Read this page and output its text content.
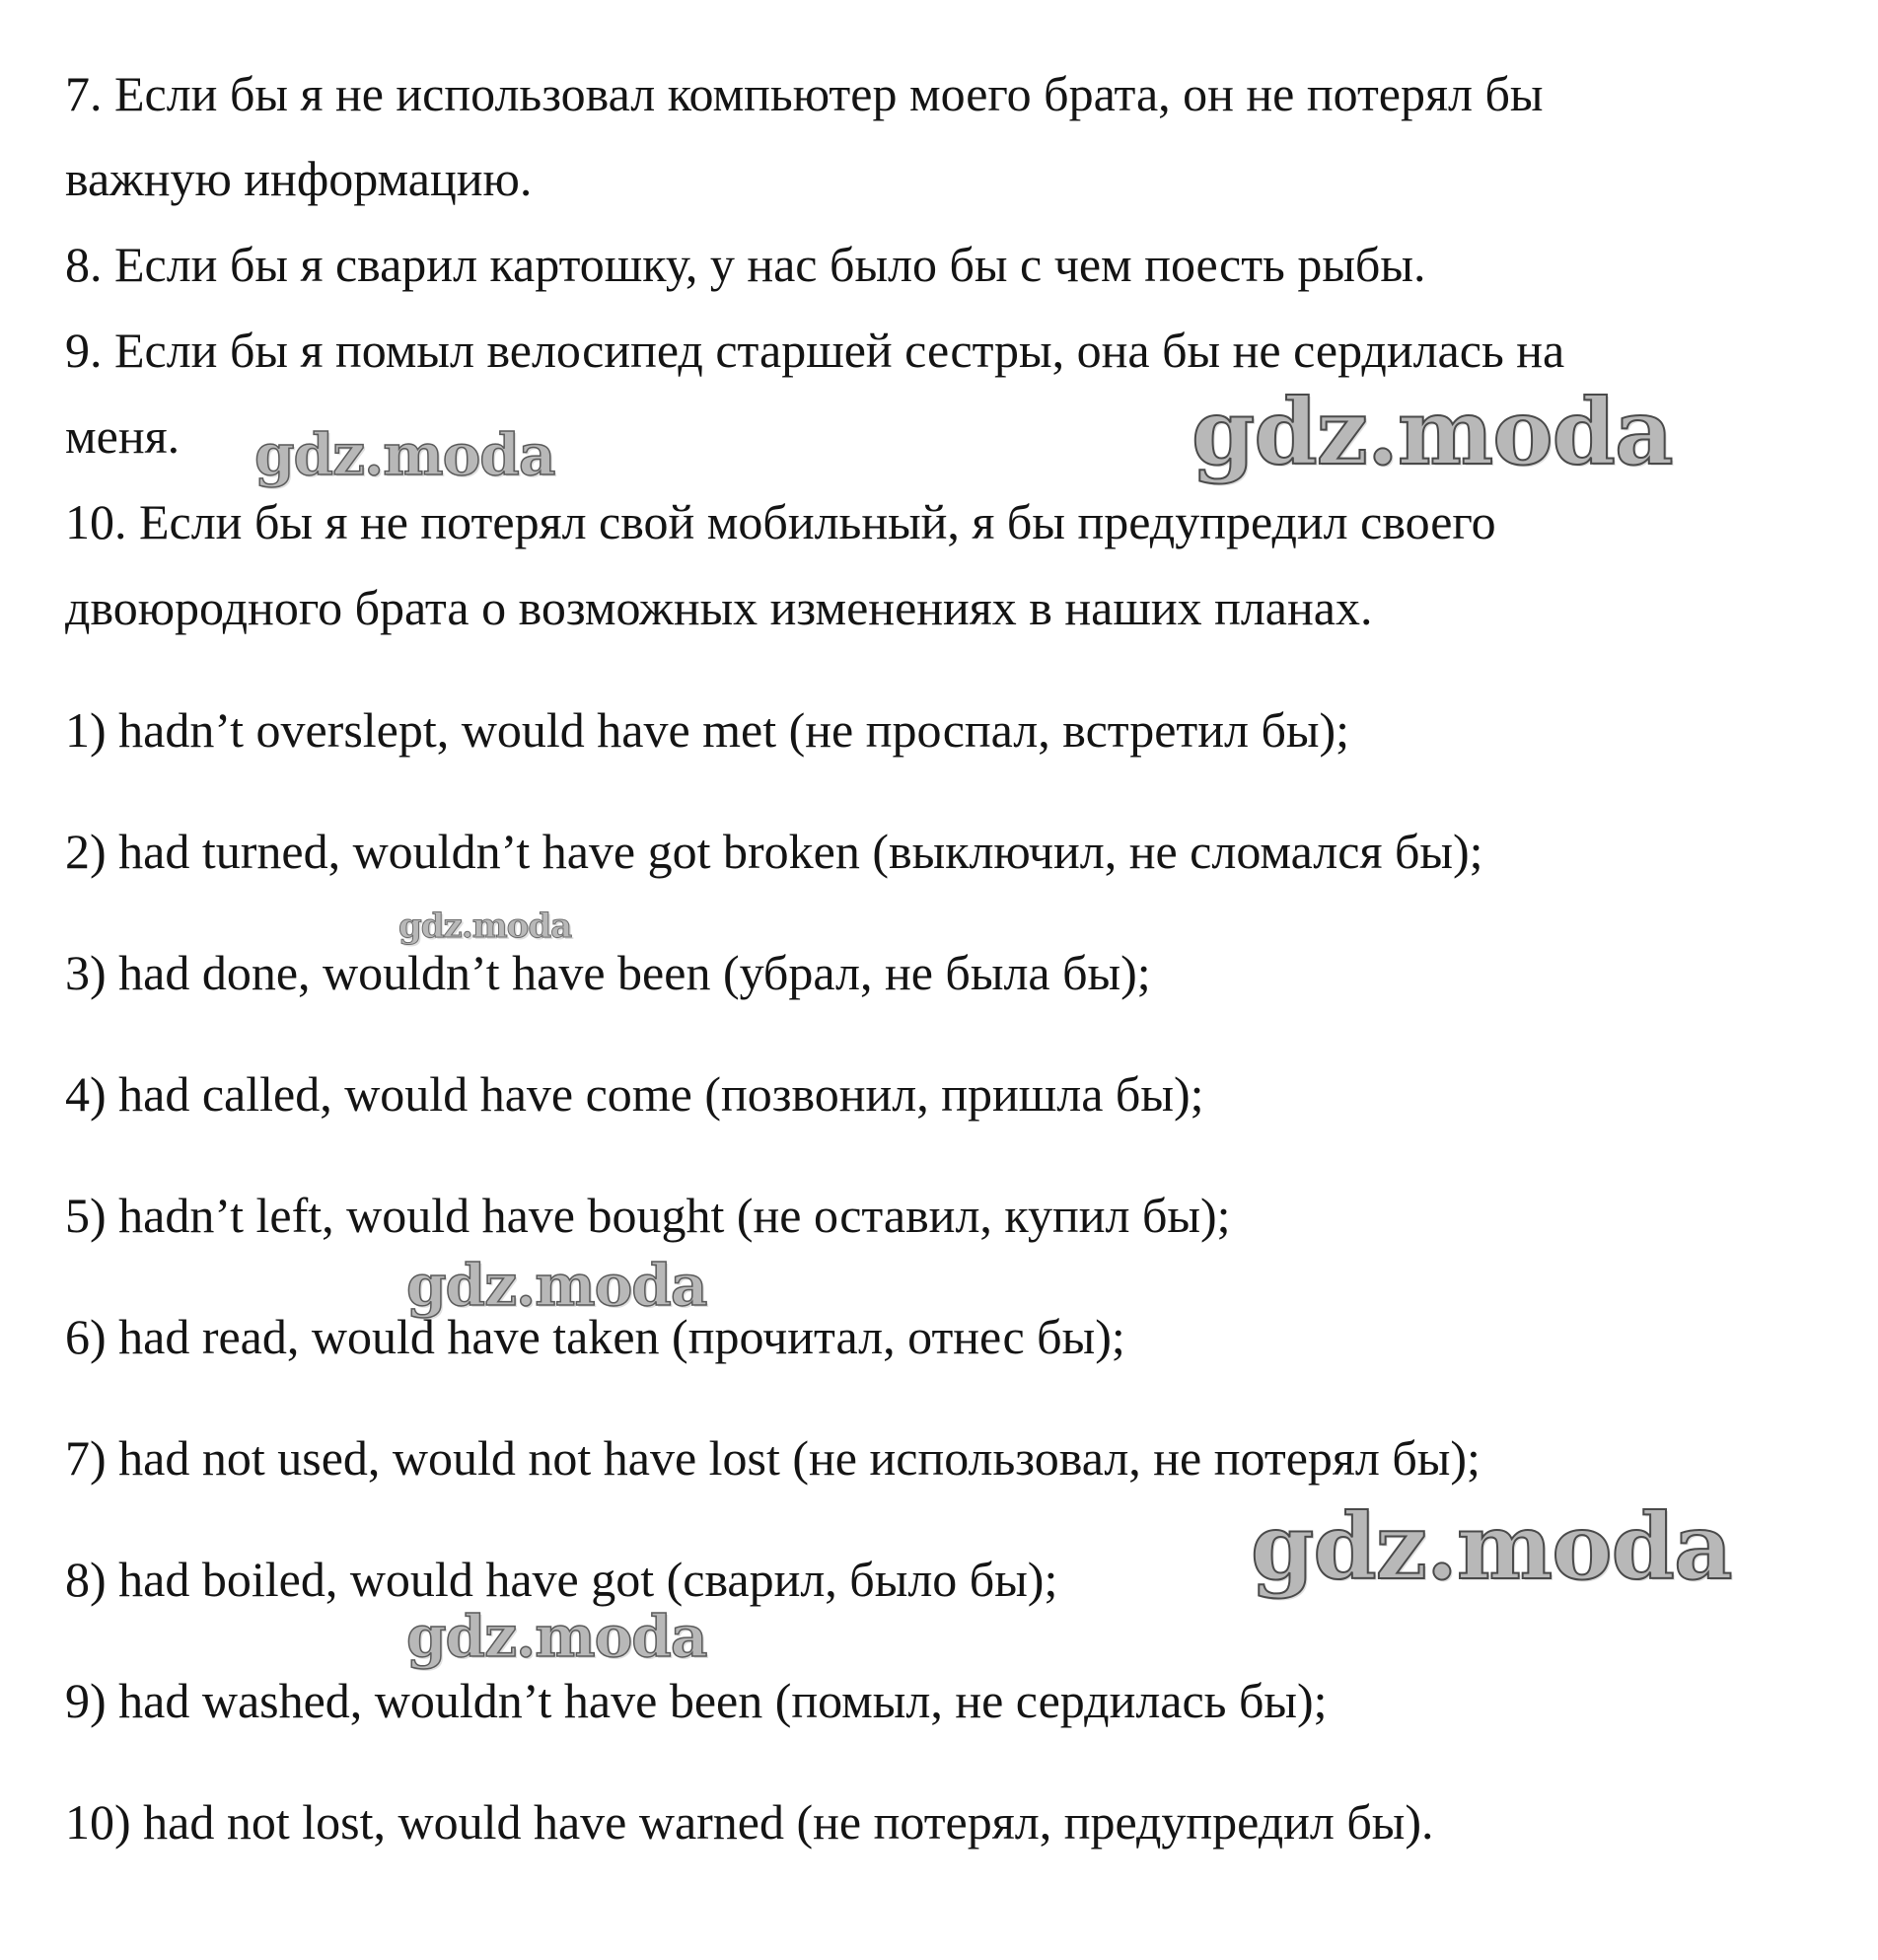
7. Если бы я не использовал компьютер моего брата, он не потерял бы

важную информацию.

8. Если бы я сварил картошку, у нас было бы с чем поесть рыбы.

9. Если бы я помыл велосипед старшей сестры, она бы не сердилась на

меня.

10. Если бы я не потерял свой мобильный, я бы предупредил своего

двоюродного брата о возможных изменениях в наших планах.

1) hadn’t overslept, would have met (не проспал, встретил бы);

2) had turned, wouldn’t have got broken (выключил, не сломался бы);

3) had done, wouldn’t have been (убрал, не была бы);

4) had called, would have come (позвонил, пришла бы);

5) hadn’t left, would have bought (не оставил, купил бы);

6) had read, would have taken (прочитал, отнес бы);

7) had not used, would not have lost (не использовал, не потерял бы);

8) had boiled, would have got (сварил, было бы);

9) had washed, wouldn’t have been (помыл, не сердилась бы);

10) had not lost, would have warned (не потерял, предупредил бы).

gdz.moda	gdz.moda
gdz.moda
gdz.moda
gdz.moda
gdz.moda
